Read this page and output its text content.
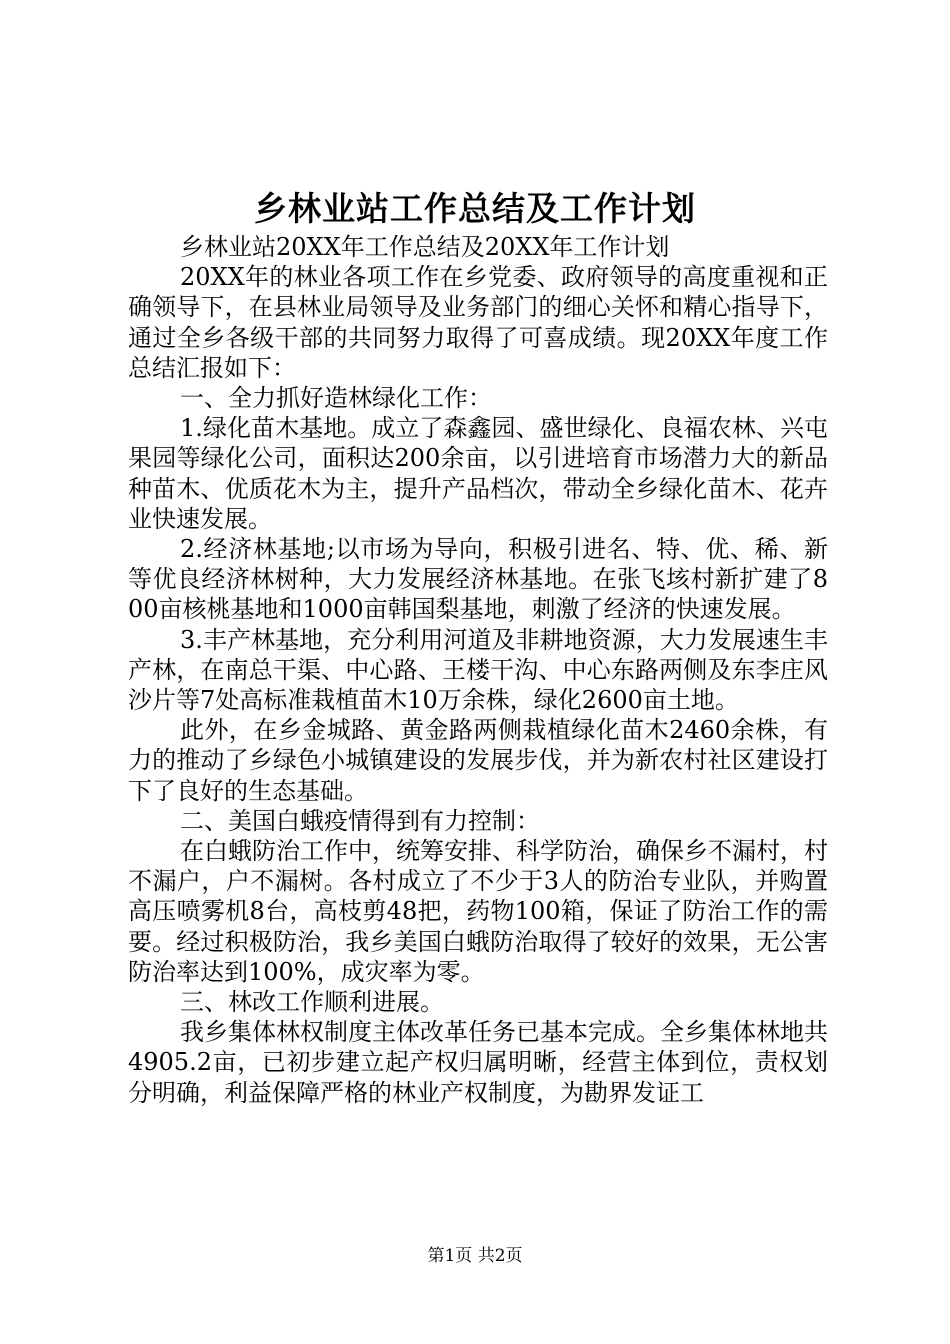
乡林业站工作总结及工作计划

乡林业站20XX年工作总结及20XX年工作计划

20XX年的林业各项工作在乡党委、政府领导的高度重视和正确领导下，在县林业局领导及业务部门的细心关怀和精心指导下，通过全乡各级干部的共同努力取得了可喜成绩。现20XX年度工作总结汇报如下：

一、全力抓好造林绿化工作：

1.绿化苗木基地。成立了森鑫园、盛世绿化、良福农林、兴屯果园等绿化公司，面积达200余亩，以引进培育市场潜力大的新品种苗木、优质花木为主，提升产品档次，带动全乡绿化苗木、花卉业快速发展。

2.经济林基地;以市场为导向，积极引进名、特、优、稀、新等优良经济林树种，大力发展经济林基地。在张飞垓村新扩建了800亩核桃基地和1000亩韩国梨基地，刺激了经济的快速发展。

3.丰产林基地，充分利用河道及非耕地资源，大力发展速生丰产林，在南总干渠、中心路、王楼干沟、中心东路两侧及东李庄风沙片等7处高标准栽植苗木10万余株，绿化2600亩土地。

此外，在乡金城路、黄金路两侧栽植绿化苗木2460余株，有力的推动了乡绿色小城镇建设的发展步伐，并为新农村社区建设打下了良好的生态基础。

二、美国白蛾疫情得到有力控制：

在白蛾防治工作中，统筹安排、科学防治，确保乡不漏村，村不漏户，户不漏树。各村成立了不少于3人的防治专业队，并购置高压喷雾机8台，高枝剪48把，药物100箱，保证了防治工作的需要。经过积极防治，我乡美国白蛾防治取得了较好的效果，无公害防治率达到100%，成灾率为零。

三、林改工作顺利进展。

我乡集体林权制度主体改革任务已基本完成。全乡集体林地共4905.2亩，已初步建立起产权归属明晰，经营主体到位，责权划分明确，利益保障严格的林业产权制度，为勘界发证工

第1页 共2页
